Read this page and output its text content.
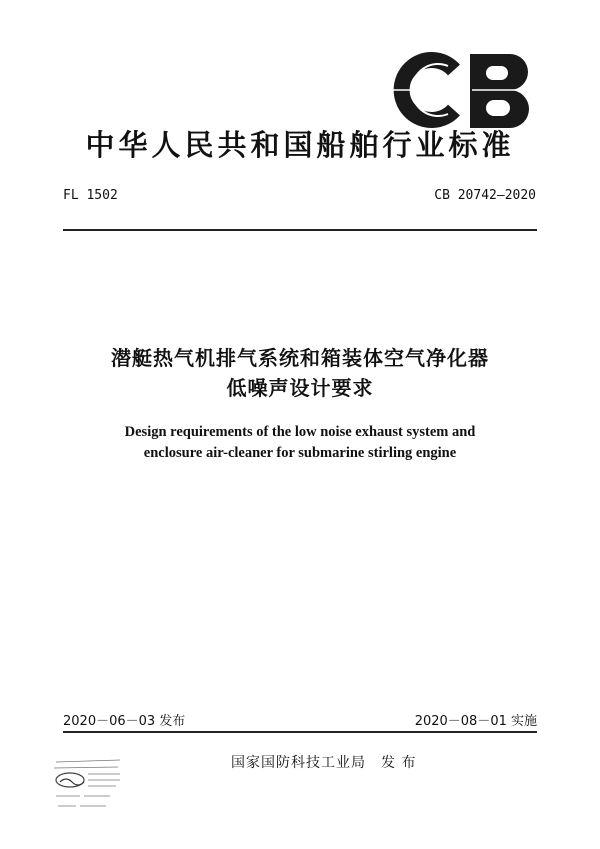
中华人民共和国船舶行业标准
FL 1502	CB 20742—2020
潜艇热气机排气系统和箱装体空气净化器
低噪声设计要求
Design requirements of the low noise exhaust system and
enclosure air-cleaner for submarine stirling engine
2020－06－03 发布	2020－08－01 实施
国家国防科技工业局　发 布
